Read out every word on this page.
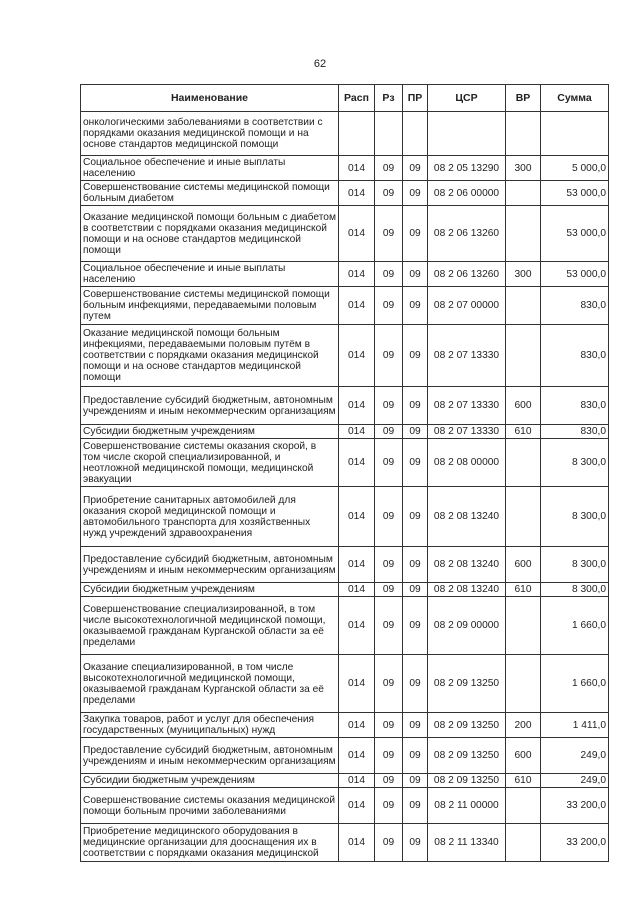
62
Наименование	Расп	Рз	ПР	ЦСР	ВР	Сумма
онкологическими заболеваниями в соответствии с порядками оказания медицинской помощи и на основе стандартов медицинской помощи						
Социальное обеспечение и иные выплаты населению	014	09	09	08 2 05 13290	300	5 000,0
Совершенствование системы медицинской помощи больным диабетом	014	09	09	08 2 06 00000		53 000,0
Оказание медицинской помощи больным с диабетом в соответствии с порядками оказания медицинской помощи и на основе стандартов медицинской помощи	014	09	09	08 2 06 13260		53 000,0
Социальное обеспечение и иные выплаты населению	014	09	09	08 2 06 13260	300	53 000,0
Совершенствование системы медицинской помощи больным инфекциями, передаваемыми половым путем	014	09	09	08 2 07 00000		830,0
Оказание медицинской помощи больным инфекциями, передаваемыми половым путём в соответствии с порядками оказания медицинской помощи и на основе стандартов медицинской помощи	014	09	09	08 2 07 13330		830,0
Предоставление субсидий бюджетным, автономным учреждениям и иным некоммерческим организациям	014	09	09	08 2 07 13330	600	830,0
Субсидии бюджетным учреждениям	014	09	09	08 2 07 13330	610	830,0
Совершенствование системы оказания скорой, в том числе скорой специализированной, и неотложной медицинской помощи, медицинской эвакуации	014	09	09	08 2 08 00000		8 300,0
Приобретение санитарных автомобилей для оказания скорой медицинской помощи и автомобильного транспорта для хозяйственных нужд учреждений здравоохранения	014	09	09	08 2 08 13240		8 300,0
Предоставление субсидий бюджетным, автономным учреждениям и иным некоммерческим организациям	014	09	09	08 2 08 13240	600	8 300,0
Субсидии бюджетным учреждениям	014	09	09	08 2 08 13240	610	8 300,0
Совершенствование специализированной, в том числе высокотехнологичной медицинской помощи, оказываемой гражданам Курганской области за её пределами	014	09	09	08 2 09 00000		1 660,0
Оказание специализированной, в том числе высокотехнологичной медицинской помощи, оказываемой гражданам Курганской области за её пределами	014	09	09	08 2 09 13250		1 660,0
Закупка товаров, работ и услуг для обеспечения государственных (муниципальных) нужд	014	09	09	08 2 09 13250	200	1 411,0
Предоставление субсидий бюджетным, автономным учреждениям и иным некоммерческим организациям	014	09	09	08 2 09 13250	600	249,0
Субсидии бюджетным учреждениям	014	09	09	08 2 09 13250	610	249,0
Совершенствование системы оказания медицинской помощи больным прочими заболеваниями	014	09	09	08 2 11 00000		33 200,0
Приобретение медицинского оборудования в медицинские организации для дооснащения их в соответствии с порядками оказания медицинской	014	09	09	08 2 11 13340		33 200,0
